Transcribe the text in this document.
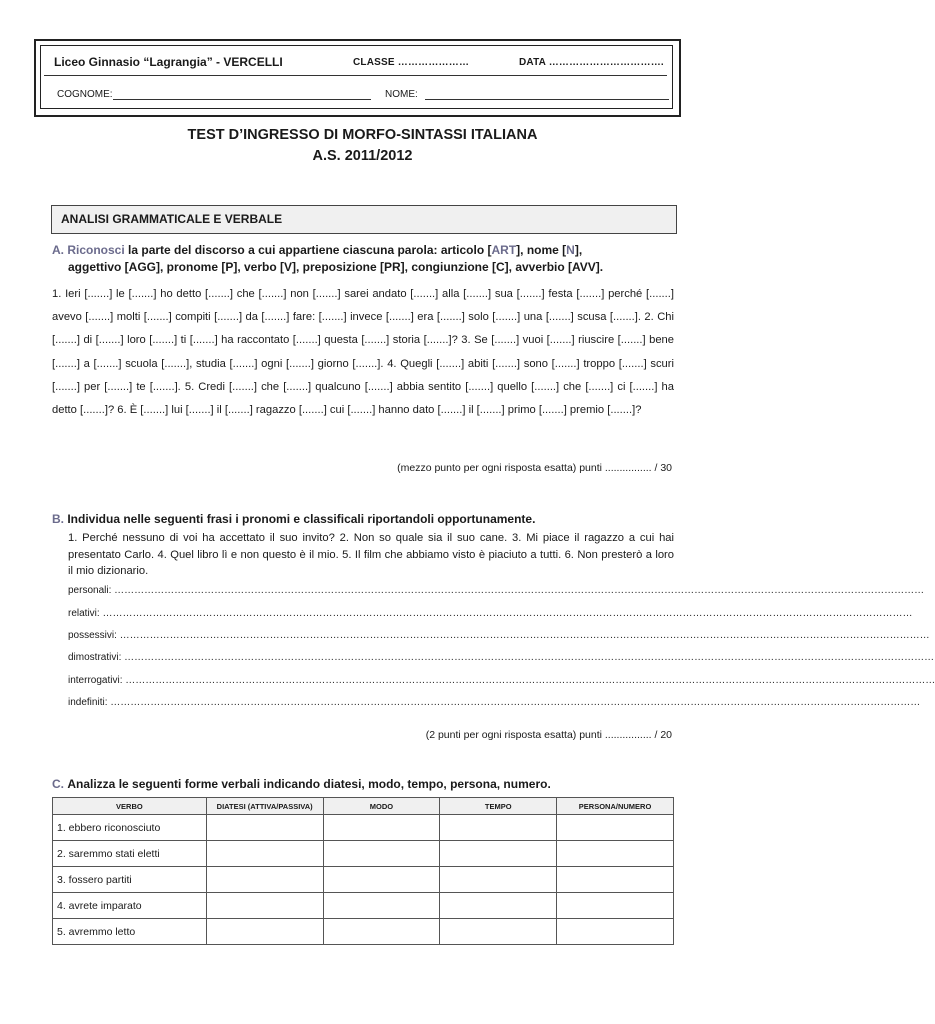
Liceo Ginnasio “Lagrangia” - VERCELLI	CLASSE …………………	DATA …………………………….
COGNOME:	NOME:
TEST D’INGRESSO DI MORFO-SINTASSI ITALIANA
A.S. 2011/2012
ANALISI GRAMMATICALE E VERBALE
A. Riconosci la parte del discorso a cui appartiene ciascuna parola: articolo [ART], nome [N],
aggettivo [AGG], pronome [P], verbo [V], preposizione [PR], congiunzione [C], avverbio [AVV].
1. Ieri [.......] le [.......] ho detto [.......] che [.......] non [.......] sarei andato [.......] alla [.......] sua [.......] festa [.......] perché [.......] avevo [.......] molti [.......] compiti [.......] da [.......] fare: [.......] invece [.......] era [.......] solo [.......] una [.......] scusa [.......]. 2. Chi [.......] di [.......] loro [.......] ti [.......] ha raccontato [.......] questa [.......] storia [.......]? 3. Se [.......] vuoi [.......] riuscire [.......] bene [.......] a [.......] scuola [.......], studia [.......] ogni [.......] giorno [.......]. 4. Quegli [.......] abiti [.......] sono [.......] troppo [.......] scuri [.......] per [.......] te [.......]. 5. Credi [.......] che [.......] qualcuno [.......] abbia sentito [.......] quello [.......] che [.......] ci [.......] ha detto [.......]? 6. È [.......] lui [.......] il [.......] ragazzo [.......] cui [.......] hanno dato [.......] il [.......] primo [.......] premio [.......]?
(mezzo punto per ogni risposta esatta) punti ................ / 30
B. Individua nelle seguenti frasi i pronomi e classificali riportandoli opportunamente.
1. Perché nessuno di voi ha accettato il suo invito? 2. Non so quale sia il suo cane. 3. Mi piace il ragazzo a cui hai presentato Carlo. 4. Quel libro lì e non questo è il mio. 5. Il film che abbiamo visto è piaciuto a tutti. 6. Non presterò a loro il mio dizionario.
personali: ………………………………………………………………………………………………………………………………………………………………………………………………………………………
relativi: ………………………………………………………………………………………………………………………………………………………………………………………………………………………
possessivi: ………………………………………………………………………………………………………………………………………………………………………………………………………………………
dimostrativi: ………………………………………………………………………………………………………………………………………………………………………………………………………………………
interrogativi: ………………………………………………………………………………………………………………………………………………………………………………………………………………………
indefiniti: ………………………………………………………………………………………………………………………………………………………………………………………………………………………
(2 punti per ogni risposta esatta) punti ................ / 20
C. Analizza le seguenti forme verbali indicando diatesi, modo, tempo, persona, numero.
VERBO	DIATESI (ATTIVA/PASSIVA)	MODO	TEMPO	PERSONA/NUMERO
1. ebbero riconosciuto				
2. saremmo stati eletti				
3. fossero partiti				
4. avrete imparato				
5. avremmo letto				
